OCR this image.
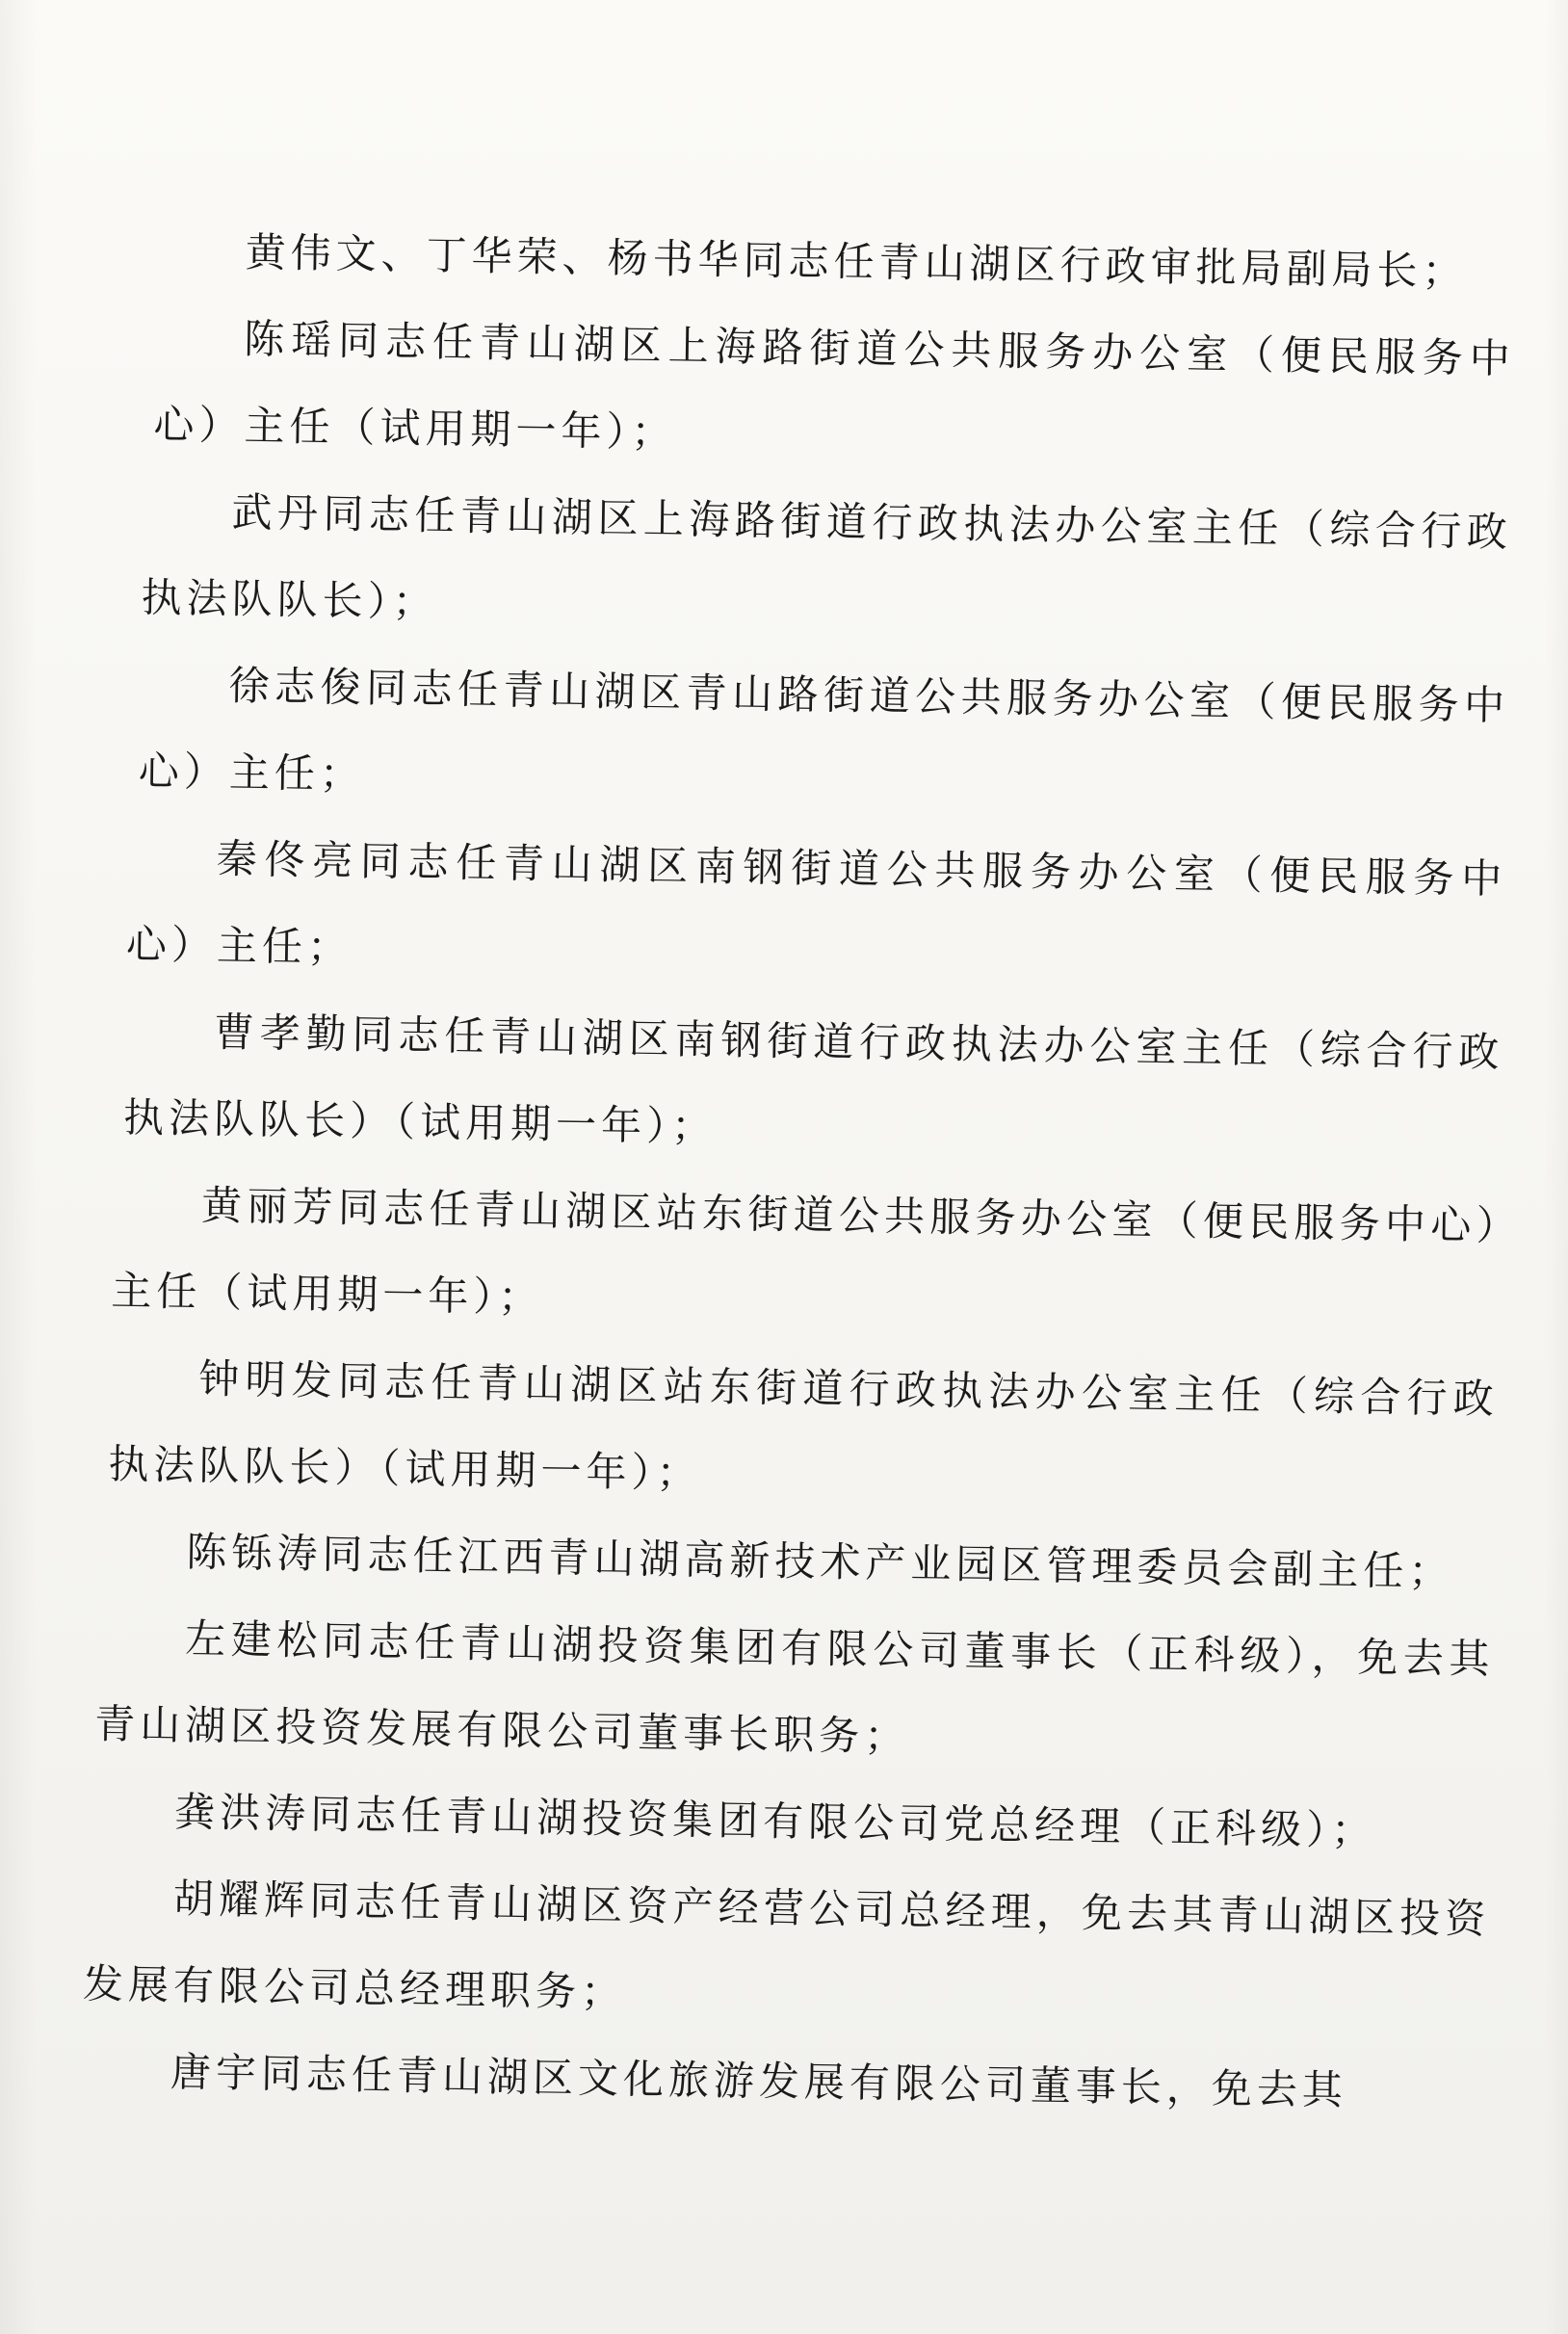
黄伟文、丁华荣、杨书华同志任青山湖区行政审批局副局长；

陈瑶同志任青山湖区上海路街道公共服务办公室（便民服务中心）主任（试用期一年）；

武丹同志任青山湖区上海路街道行政执法办公室主任（综合行政执法队队长）；

徐志俊同志任青山湖区青山路街道公共服务办公室（便民服务中心）主任；

秦佟亮同志任青山湖区南钢街道公共服务办公室（便民服务中心）主任；

曹孝勤同志任青山湖区南钢街道行政执法办公室主任（综合行政执法队队长）（试用期一年）；

黄丽芳同志任青山湖区站东街道公共服务办公室（便民服务中心）主任（试用期一年）；

钟明发同志任青山湖区站东街道行政执法办公室主任（综合行政执法队队长）（试用期一年）；

陈铄涛同志任江西青山湖高新技术产业园区管理委员会副主任；

左建松同志任青山湖投资集团有限公司董事长（正科级），免去其青山湖区投资发展有限公司董事长职务；

龚洪涛同志任青山湖投资集团有限公司党总经理（正科级）；

胡耀辉同志任青山湖区资产经营公司总经理，免去其青山湖区投资发展有限公司总经理职务；

唐宇同志任青山湖区文化旅游发展有限公司董事长，免去其
